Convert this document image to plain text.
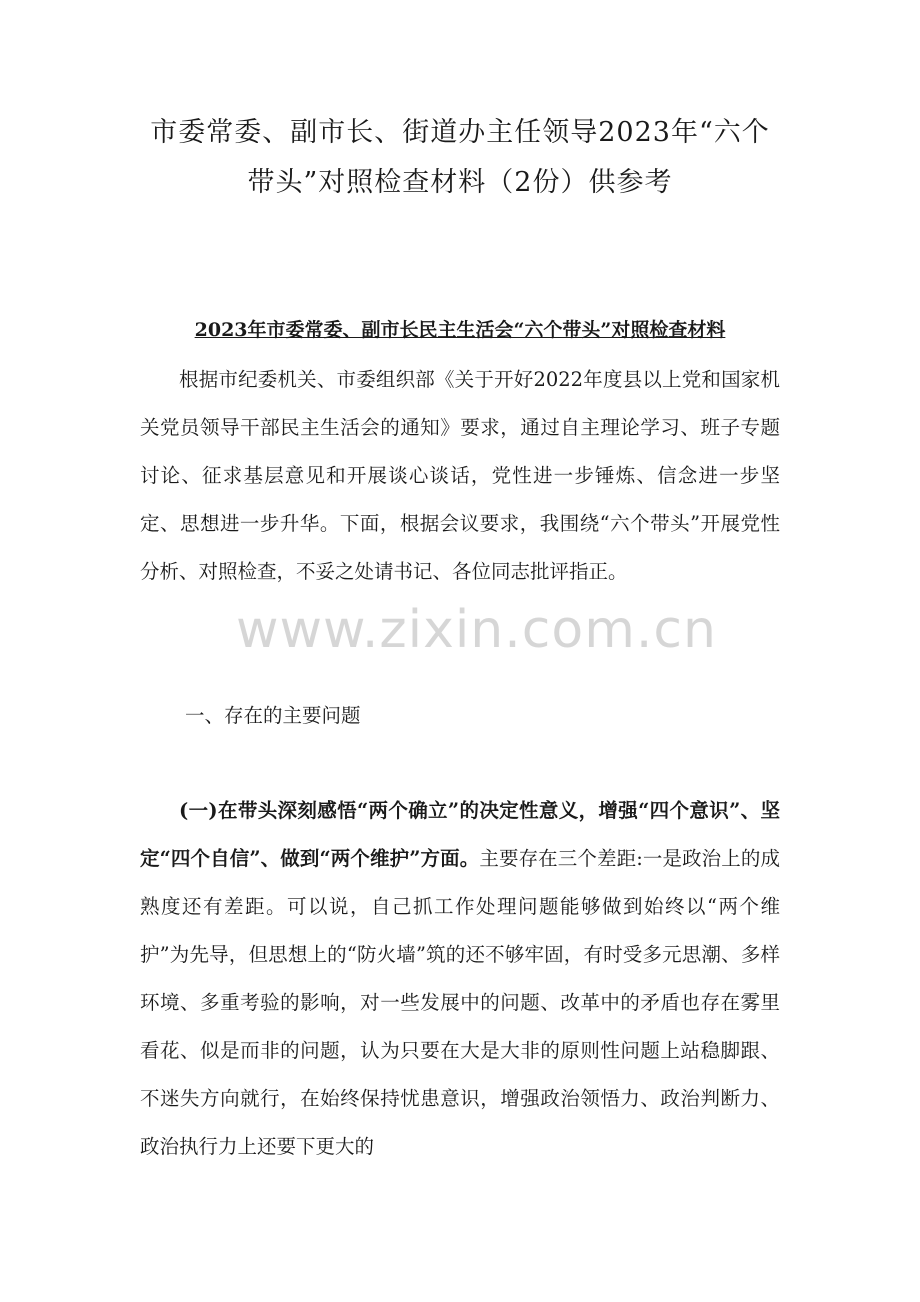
市委常委、副市长、街道办主任领导2023年“六个带头”对照检查材料（2份）供参考
2023年市委常委、副市长民主生活会“六个带头”对照检查材料

根据市纪委机关、市委组织部《关于开好2022年度县以上党和国家机关党员领导干部民主生活会的通知》要求，通过自主理论学习、班子专题讨论、征求基层意见和开展谈心谈话，党性进一步锤炼、信念进一步坚定、思想进一步升华。下面，根据会议要求，我围绕“六个带头”开展党性分析、对照检查，不妥之处请书记、各位同志批评指正。

一、存在的主要问题

(一)在带头深刻感悟“两个确立”的决定性意义，增强“四个意识”、坚定“四个自信”、做到“两个维护”方面。主要存在三个差距:一是政治上的成熟度还有差距。可以说，自己抓工作处理问题能够做到始终以“两个维护”为先导，但思想上的“防火墙”筑的还不够牢固，有时受多元思潮、多样环境、多重考验的影响，对一些发展中的问题、改革中的矛盾也存在雾里看花、似是而非的问题，认为只要在大是大非的原则性问题上站稳脚跟、不迷失方向就行，在始终保持忧患意识，增强政治领悟力、政治判断力、政治执行力上还要下更大的

www.zixin.com.cn
